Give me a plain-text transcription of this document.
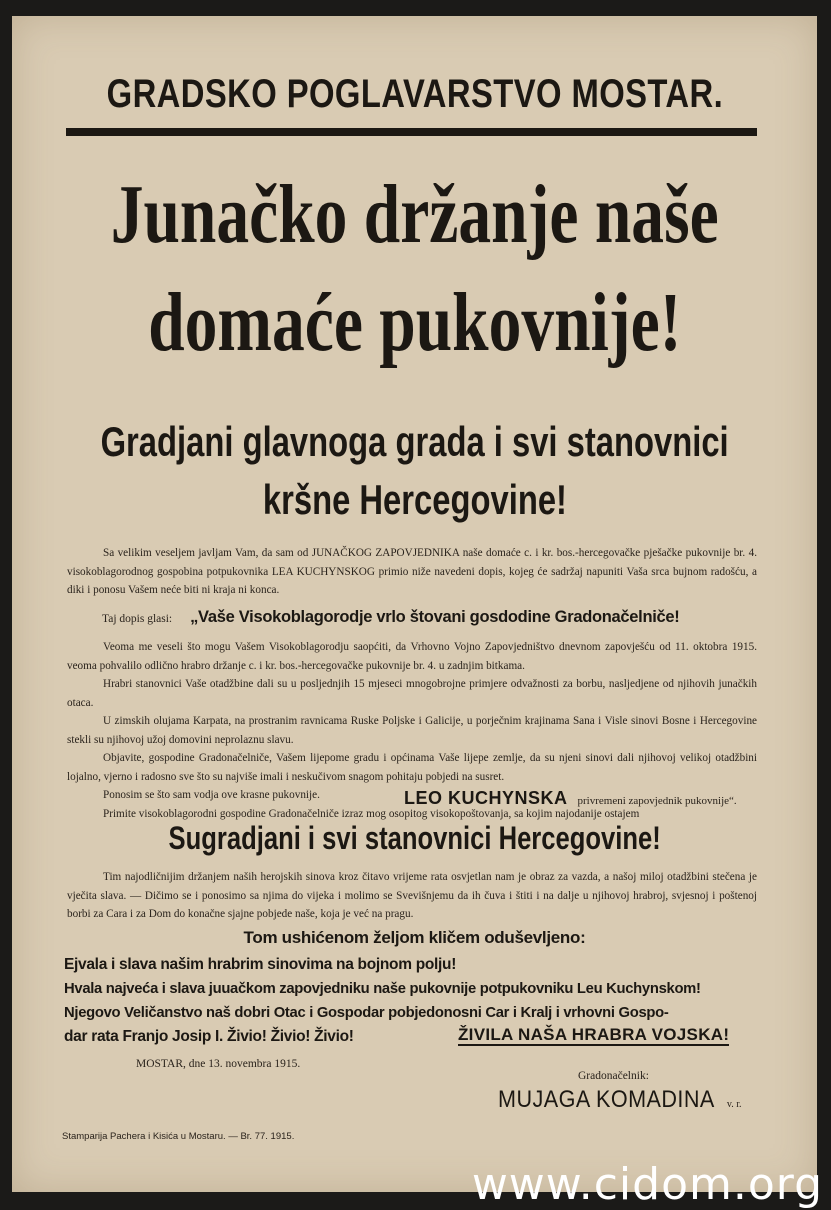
GRADSKO POGLAVARSTVO MOSTAR.
Junačko držanje naše
domaće pukovnije!
Gradjani glavnoga grada i svi stanovnici
kršne Hercegovine!

Sa velikim veseljem javljam Vam, da sam od JUNAČKOG ZAPOVJEDNIKA naše domaće c. i kr. bos.-hercegovačke pješačke pukovnije br. 4. visokoblagorodnog gospobina potpukovnika LEA KUCHYNSKOG primio niže navedeni dopis, kojeg će sadržaj napuniti Vaša srca bujnom radošću, a diki i ponosu Vašem neće biti ni kraja ni konca.

Taj dopis glasi: „Vaše Visokoblagorodje vrlo štovani gosdodine Gradonačelniče!

Veoma me veseli što mogu Vašem Visokoblagorodju saopćiti, da Vrhovno Vojno Zapovjedništvo dnevnom zapovješću od 11. oktobra 1915. veoma pohvalilo odlično hrabro držanje c. i kr. bos.-hercegovačke pukovnije br. 4. u zadnjim bitkama.

Hrabri stanovnici Vaše otadžbine dali su u posljednjih 15 mjeseci mnogobrojne primjere odvažnosti za borbu, nasljedjene od njihovih junačkih otaca.

U zimskih olujama Karpata, na prostranim ravnicama Ruske Poljske i Galicije, u porječnim krajinama Sana i Visle sinovi Bosne i Hercegovine stekli su njihovoj užoj domovini neprolaznu slavu.

Objavite, gospodine Gradonačelniče, Vašem lijepome gradu i općinama Vaše lijepe zemlje, da su njeni sinovi dali njihovoj velikoj otadžbini lojalno, vjerno i radosno sve što su najviše imali i neskučivom snagom pohitaju pobjedi na susret.

Ponosim se što sam vodja ove krasne pukovnije.

Primite visokoblagorodni gospodine Gradonačelniče izraz mog osopitog visokopoštovanja, sa kojim najodanije ostajem

LEO KUCHYNSKA privremeni zapovjednik pukovnije“.
Sugradjani i svi stanovnici Hercegovine!

Tim najodličnijim držanjem naših herojskih sinova kroz čitavo vrijeme rata osvjetlan nam je obraz za vazda, a našoj miloj otadžbini stečena je vječita slava. — Dičimo se i ponosimo sa njima do vijeka i molimo se Svevišnjemu da ih čuva i štiti i na dalje u njihovoj hrabroj, svjesnoj i poštenoj borbi za Cara i za Dom do konačne sjajne pobjede naše, koja je već na pragu.

Tom ushićenom željom kličem oduševljeno:
Ejvala i slava našim hrabrim sinovima na bojnom polju!
Hvala najveća i slava juuačkom zapovjedniku naše pukovnije potpukovniku Leu Kuchynskom!
Njegovo Veličanstvo naš dobri Otac i Gospodar pobjedonosni Car i Kralj i vrhovni Gospo-
dar rata Franjo Josip I. Živio! Živio! Živio!	ŽIVILA NAŠA HRABRA VOJSKA!
MOSTAR, dne 13. novembra 1915.
Gradonačelnik:
MUJAGA KOMADINA v. r.
Stamparija Pachera i Kisića u Mostaru. — Br. 77. 1915.
www.cidom.org
